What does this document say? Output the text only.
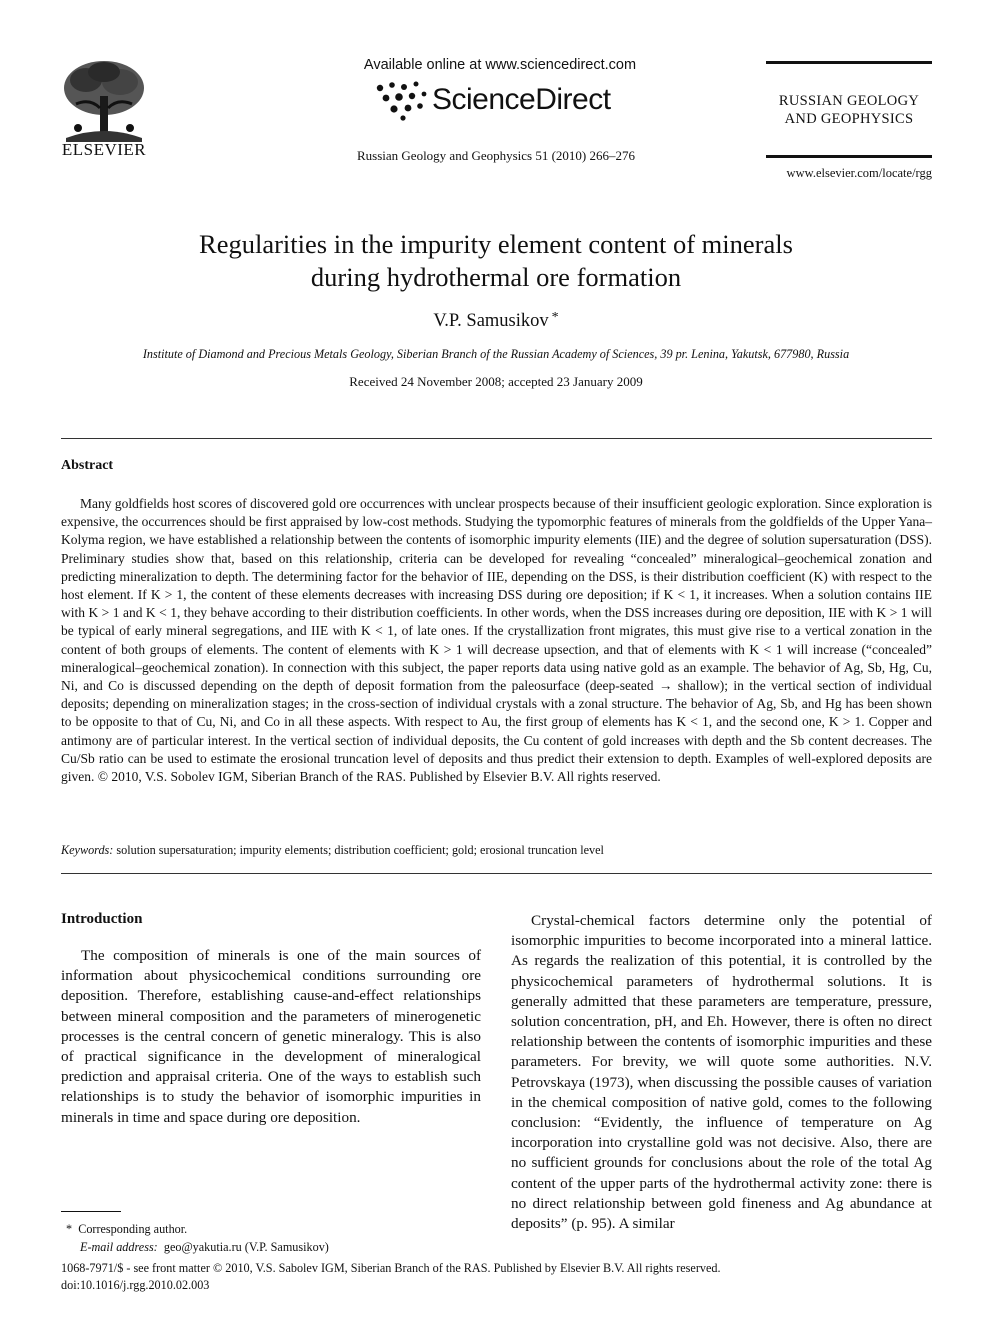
ELSEVIER
Available online at www.sciencedirect.com
ScienceDirect
Russian Geology and Geophysics 51 (2010) 266–276
RUSSIAN GEOLOGY
AND GEOPHYSICS
www.elsevier.com/locate/rgg
Regularities in the impurity element content of minerals
during hydrothermal ore formation
V.P. Samusikov *
Institute of Diamond and Precious Metals Geology, Siberian Branch of the Russian Academy of Sciences, 39 pr. Lenina, Yakutsk, 677980, Russia
Received 24 November 2008; accepted 23 January 2009
Abstract
Many goldfields host scores of discovered gold ore occurrences with unclear prospects because of their insufficient geologic exploration. Since exploration is expensive, the occurrences should be first appraised by low-cost methods. Studying the typomorphic features of minerals from the goldfields of the Upper Yana–Kolyma region, we have established a relationship between the contents of isomorphic impurity elements (IIE) and the degree of solution supersaturation (DSS). Preliminary studies show that, based on this relationship, criteria can be developed for revealing “concealed” mineralogical–geochemical zonation and predicting mineralization to depth. The determining factor for the behavior of IIE, depending on the DSS, is their distribution coefficient (K) with respect to the host element. If K > 1, the content of these elements decreases with increasing DSS during ore deposition; if K < 1, it increases. When a solution contains IIE with K > 1 and K < 1, they behave according to their distribution coefficients. In other words, when the DSS increases during ore deposition, IIE with K > 1 will be typical of early mineral segregations, and IIE with K < 1, of late ones. If the crystallization front migrates, this must give rise to a vertical zonation in the content of both groups of elements. The content of elements with K > 1 will decrease upsection, and that of elements with K < 1 will increase (“concealed” mineralogical–geochemical zonation). In connection with this subject, the paper reports data using native gold as an example. The behavior of Ag, Sb, Hg, Cu, Ni, and Co is discussed depending on the depth of deposit formation from the paleosurface (deep-seated → shallow); in the vertical section of individual deposits; depending on mineralization stages; in the cross-section of individual crystals with a zonal structure. The behavior of Ag, Sb, and Hg has been shown to be opposite to that of Cu, Ni, and Co in all these aspects. With respect to Au, the first group of elements has K < 1, and the second one, K > 1. Copper and antimony are of particular interest. In the vertical section of individual deposits, the Cu content of gold increases with depth and the Sb content decreases. The Cu/Sb ratio can be used to estimate the erosional truncation level of deposits and thus predict their extension to depth. Examples of well-explored deposits are given. © 2010, V.S. Sobolev IGM, Siberian Branch of the RAS. Published by Elsevier B.V. All rights reserved.
Keywords: solution supersaturation; impurity elements; distribution coefficient; gold; erosional truncation level
Introduction

The composition of minerals is one of the main sources of information about physicochemical conditions surrounding ore deposition. Therefore, establishing cause-and-effect relationships between mineral composition and the parameters of minerogenetic processes is the central concern of genetic mineralogy. This is also of practical significance in the development of mineralogical prediction and appraisal criteria. One of the ways to establish such relationships is to study the behavior of isomorphic impurities in minerals in time and space during ore deposition.

Crystal-chemical factors determine only the potential of isomorphic impurities to become incorporated into a mineral lattice. As regards the realization of this potential, it is controlled by the physicochemical parameters of hydrothermal solutions. It is generally admitted that these parameters are temperature, pressure, solution concentration, pH, and Eh. However, there is often no direct relationship between the contents of isomorphic impurities and these parameters. For brevity, we will quote some authorities. N.V. Petrovskaya (1973), when discussing the possible causes of variation in the chemical composition of native gold, comes to the following conclusion: “Evidently, the influence of temperature on Ag incorporation into crystalline gold was not decisive. Also, there are no sufficient grounds for conclusions about the role of the total Ag content of the upper parts of the hydrothermal activity zone: there is no direct relationship between gold fineness and Ag abundance at deposits” (p. 95). A similar

* Corresponding author.
E-mail address: geo@yakutia.ru (V.P. Samusikov)
1068-7971/$ - see front matter © 2010, V.S. Sabolev IGM, Siberian Branch of the RAS. Published by Elsevier B.V. All rights reserved.
doi:10.1016/j.rgg.2010.02.003
